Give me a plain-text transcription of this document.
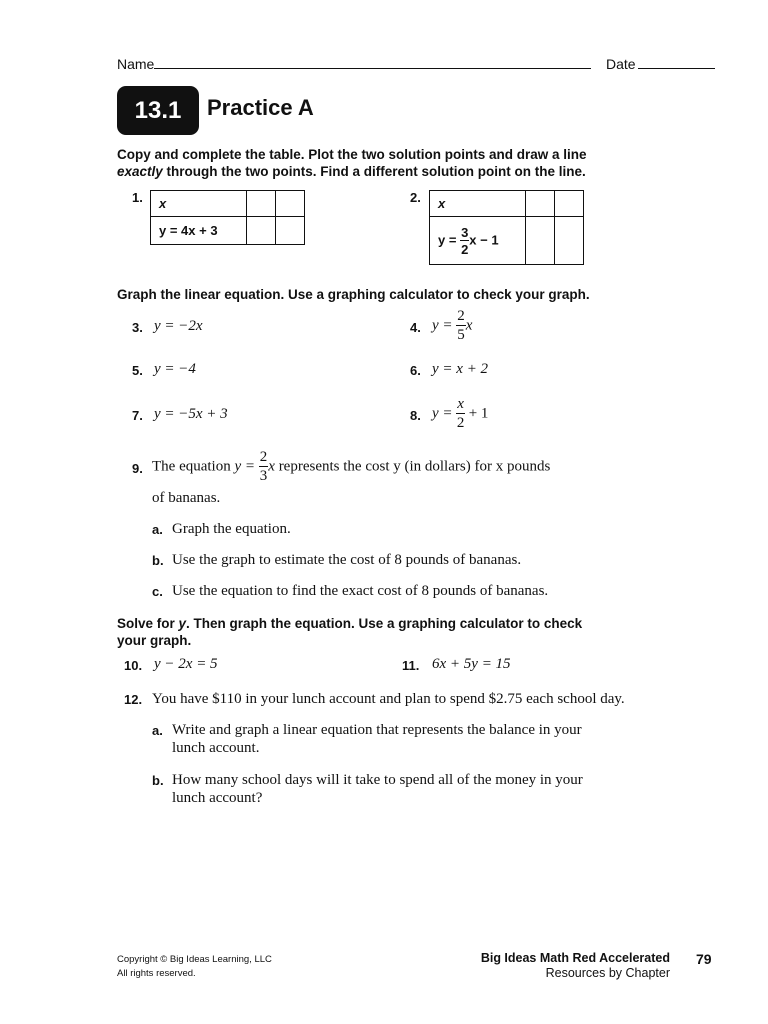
Name	Date
13.1	Practice A
Copy and complete the table. Plot the two solution points and draw a line
exactly through the two points. Find a different solution point on the line.
1. x		
y = 4x + 3		
2. x		
$y = \frac{3}{2}$ x − 1		
Graph the linear equation. Use a graphing calculator to check your graph.
3. y = −2x	4. $y = \frac{2}{5}$ x
5. y = −4	6. y = x + 2
7. y = −5x + 3	8. $y = \frac{x}{2} + 1$
9. The equation $y = \frac{2}{3}$ x represents the cost y (in dollars) for x pounds
of bananas.
a. Graph the equation.
b. Use the graph to estimate the cost of 8 pounds of bananas.
c. Use the equation to find the exact cost of 8 pounds of bananas.
Solve for y. Then graph the equation. Use a graphing calculator to check
your graph.
10. y − 2x = 5	11. 6x + 5y = 15
12. You have $110 in your lunch account and plan to spend $2.75 each school day.
a. Write and graph a linear equation that represents the balance in your
lunch account.
b. How many school days will it take to spend all of the money in your
lunch account?
Copyright © Big Ideas Learning, LLC
All rights reserved.
Big Ideas Math Red Accelerated
Resources by Chapter
79
